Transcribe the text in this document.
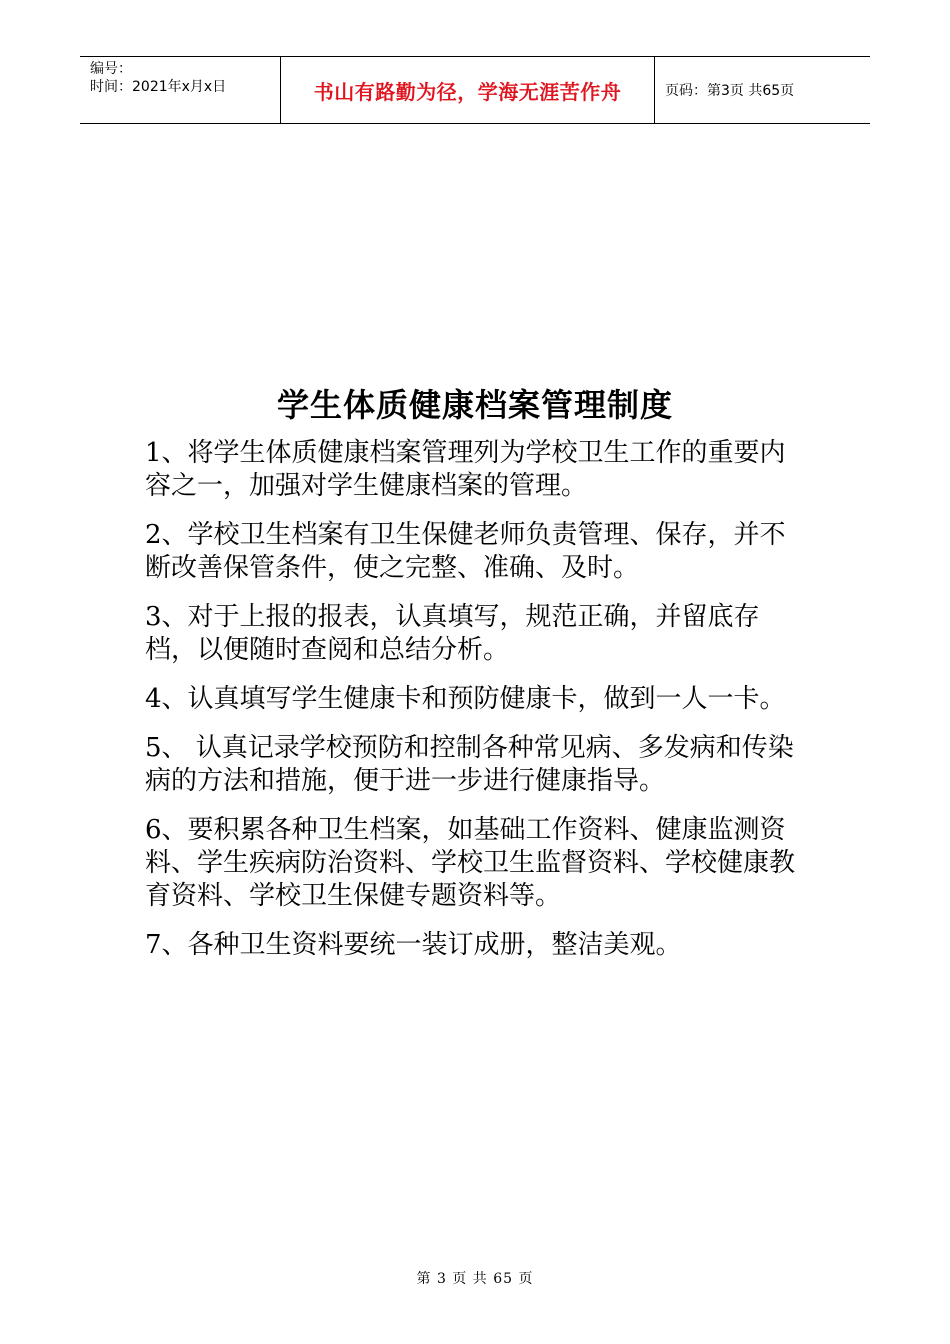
编号：
时间：2021年x月x日	书山有路勤为径，学海无涯苦作舟	页码：第3页 共65页
学生体质健康档案管理制度

1、将学生体质健康档案管理列为学校卫生工作的重要内容之一，加强对学生健康档案的管理。

2、学校卫生档案有卫生保健老师负责管理、保存，并不断改善保管条件，使之完整、准确、及时。

3、对于上报的报表，认真填写，规范正确，并留底存档，以便随时查阅和总结分析。

4、认真填写学生健康卡和预防健康卡，做到一人一卡。

5、 认真记录学校预防和控制各种常见病、多发病和传染病的方法和措施，便于进一步进行健康指导。

6、要积累各种卫生档案，如基础工作资料、健康监测资料、学生疾病防治资料、学校卫生监督资料、学校健康教育资料、学校卫生保健专题资料等。

7、各种卫生资料要统一装订成册，整洁美观。

第 3 页 共 65 页
